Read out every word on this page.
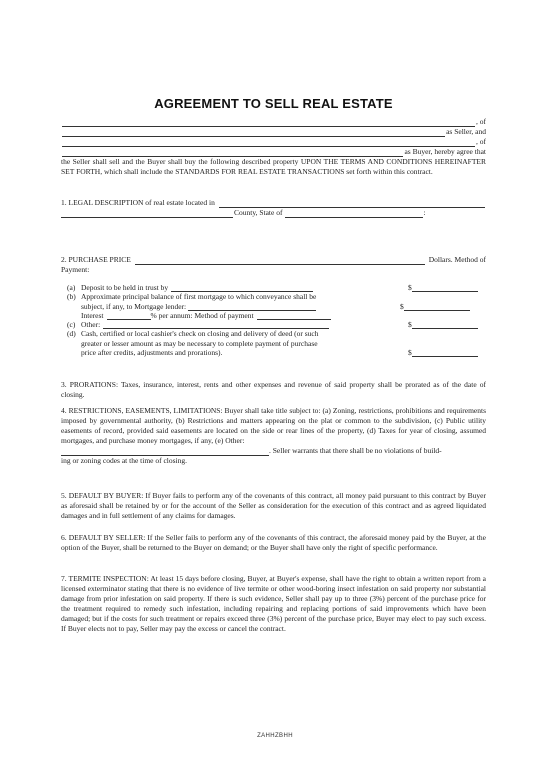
AGREEMENT TO SELL REAL ESTATE
, of
as Seller, and
, of
as Buyer, hereby agree that
the Seller shall sell and the Buyer shall buy the following described property UPON THE TERMS AND CONDITIONS HEREINAFTER SET FORTH, which shall include the STANDARDS FOR REAL ESTATE TRANSACTIONS set forth within this contract.
1. LEGAL DESCRIPTION of real estate located in
County, State of	:
2. PURCHASE PRICE	Dollars. Method of
Payment:
(a) Deposit to be held in trust by	$
(b) Approximate principal balance of first mortgage to which conveyance shall be
subject, if any, to Mortgage lender:	$
Interest	% per annum: Method of payment
(c) Other:	$
(d) Cash, certified or local cashier's check on closing and delivery of deed (or such
greater or lesser amount as may be necessary to complete payment of purchase
price after credits, adjustments and prorations).	$
3. PRORATIONS: Taxes, insurance, interest, rents and other expenses and revenue of said property shall be prorated as of the date of closing.
4. RESTRICTIONS, EASEMENTS, LIMITATIONS: Buyer shall take title subject to: (a) Zoning, restrictions, prohibitions and requirements imposed by governmental authority, (b) Restrictions and matters appearing on the plat or common to the subdivision, (c) Public utility easements of record, provided said easements are located on the side or rear lines of the property, (d) Taxes for year of closing, assumed mortgages, and purchase money mortgages, if any, (e) Other:
. Seller warrants that there shall be no violations of build-
ing or zoning codes at the time of closing.
5. DEFAULT BY BUYER: If Buyer fails to perform any of the covenants of this contract, all money paid pursuant to this contract by Buyer as aforesaid shall be retained by or for the account of the Seller as consideration for the execution of this contract and as agreed liquidated damages and in full settlement of any claims for damages.
6. DEFAULT BY SELLER: If the Seller fails to perform any of the covenants of this contract, the aforesaid money paid by the Buyer, at the option of the Buyer, shall be returned to the Buyer on demand; or the Buyer shall have only the right of specific performance.
7. TERMITE INSPECTION: At least 15 days before closing, Buyer, at Buyer's expense, shall have the right to obtain a written report from a licensed exterminator stating that there is no evidence of live termite or other wood-boring insect infestation on said property nor substantial damage from prior infestation on said property. If there is such evidence, Seller shall pay up to three (3%) percent of the purchase price for the treatment required to remedy such infestation, including repairing and replacing portions of said improvements which have been damaged; but if the costs for such treatment or repairs exceed three (3%) percent of the purchase price, Buyer may elect to pay such excess. If Buyer elects not to pay, Seller may pay the excess or cancel the contract.
ZAHHZBHH
